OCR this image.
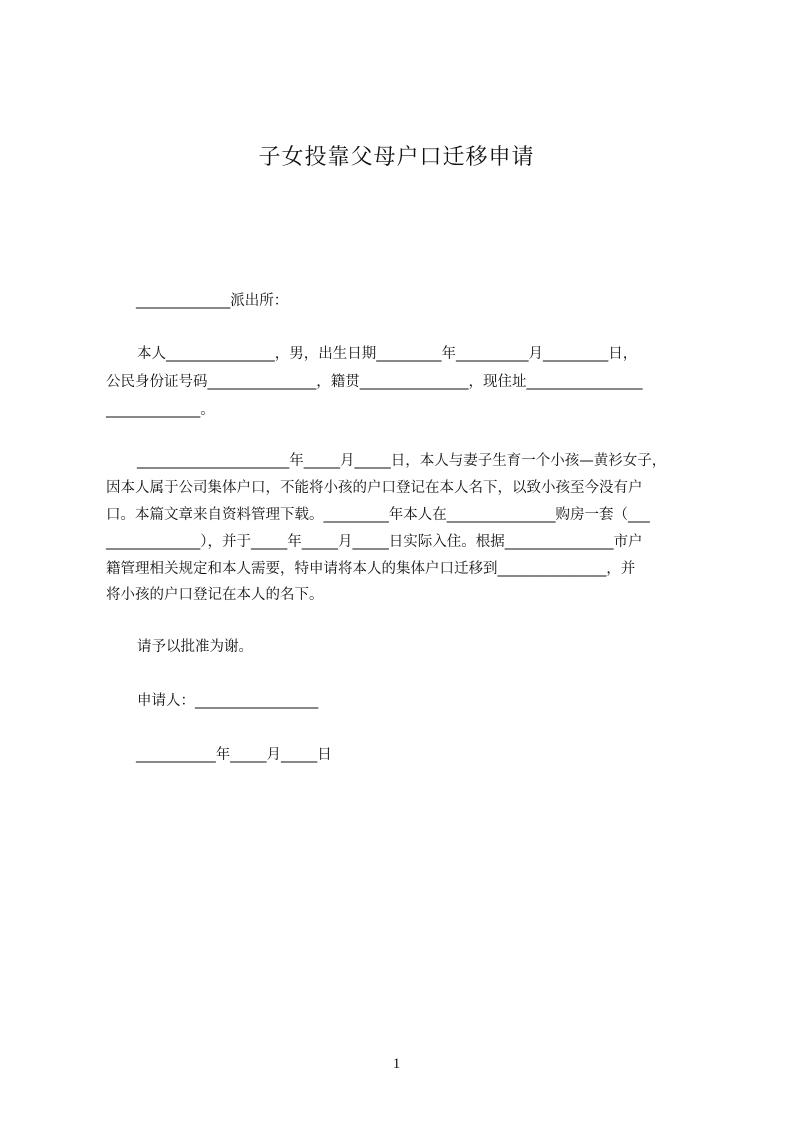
子女投靠父母户口迁移申请
_____________派出所：
本人_______________，男，出生日期_________年__________月_________日，
公民身份证号码_______________，籍贯_______________，现住址________________
_____________。
_____________________年_____月_____日，本人与妻子生育一个小孩—黄衫女子，
因本人属于公司集体户口，不能将小孩的户口登记在本人名下，以致小孩至今没有户
口。本篇文章来自资料管理下载。_________年本人在_______________购房一套（___
_____________），并于_____年_____月_____日实际入住。根据_______________市户
籍管理相关规定和本人需要，特申请将本人的集体户口迁移到_______________，并
将小孩的户口登记在本人的名下。
请予以批准为谢。
申请人：_________________
___________年_____月_____日
1
